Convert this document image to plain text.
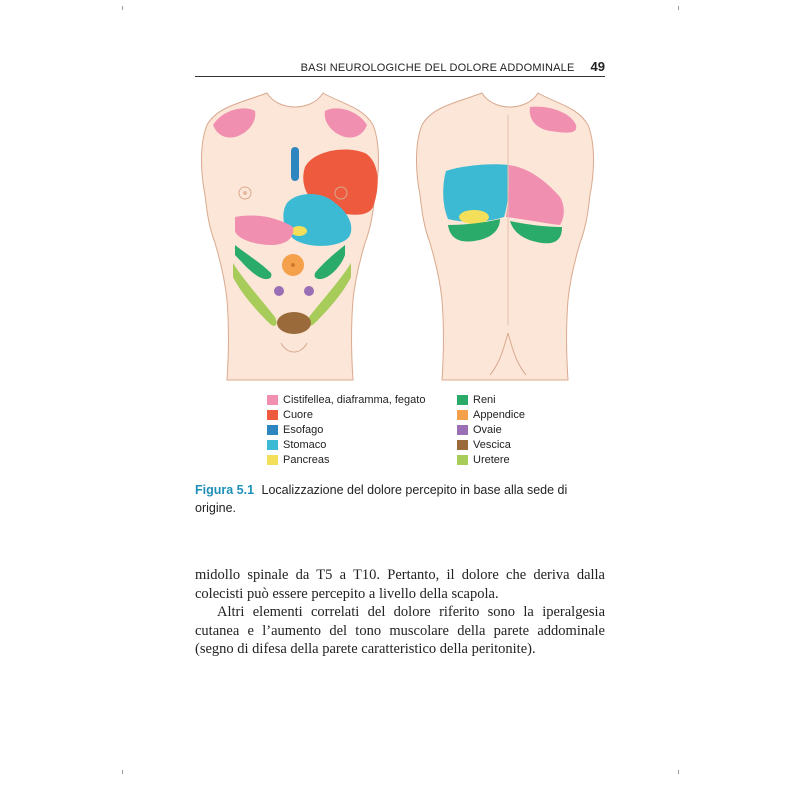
BASI NEUROLOGICHE DEL DOLORE ADDOMINALE 49
Cistifellea, diaframma, fegato	Reni
Cuore	Appendice
Esofago	Ovaie
Stomaco	Vescica
Pancreas	Uretere
Figura 5.1 Localizzazione del dolore percepito in base alla sede di origine.

midollo spinale da T5 a T10. Pertanto, il dolore che deriva dalla colecisti può essere percepito a livello della scapola.

Altri elementi correlati del dolore riferito sono la iperalgesia cutanea e l’aumento del tono muscolare della parete addominale (segno di difesa della parete caratteristico della peritonite).
